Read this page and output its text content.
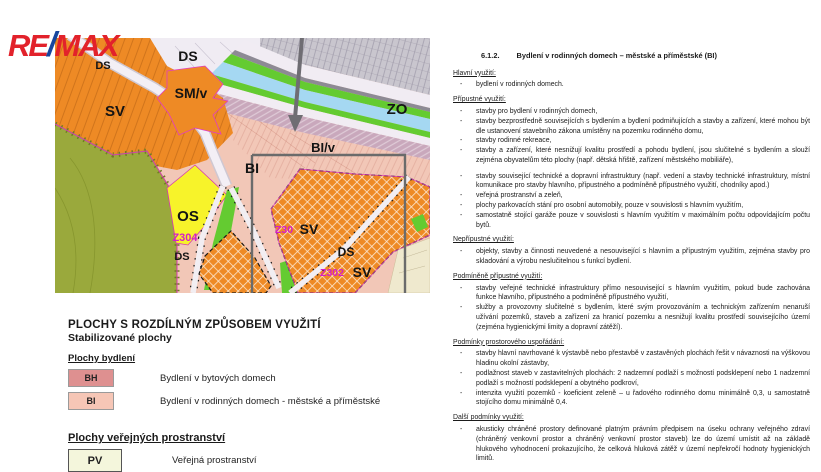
RE/MAX
DS
DS
SV
SM/v
ZO
BI/v
BI
OS
Z304
DS
Z30 SV
DS
Z302 SV
PLOCHY S ROZDÍLNÝM ZPŮSOBEM VYUŽITÍ
Stabilizované plochy
Plochy bydlení
BH	Bydlení v bytových domech
BI	Bydlení v rodinných domech - městské a příměstské
Plochy veřejných prostranství
PV	Veřejná prostranství
6.1.2. Bydlení v rodinných domech – městské a příměstské (BI)
Hlavní využití:
- bydlení v rodinných domech.
Přípustné využití:
- stavby pro bydlení v rodinných domech,
- stavby bezprostředně souvisejících s bydlením a bydlení podmiňujících a stavby a zařízení, které mohou být dle ustanovení stavebního zákona umístěny na pozemku rodinného domu,
- stavby rodinné rekreace,
- stavby a zařízení, které nesnižují kvalitu prostředí a pohodu bydlení, jsou slučitelné s bydlením a slouží zejména obyvatelům této plochy (např. dětská hřiště, zařízení městského mobiliáře),
- stavby související technické a dopravní infrastruktury (např. vedení a stavby technické infrastruktury, místní komunikace pro stavby hlavního, přípustného a podmíněně přípustného využití, chodníky apod.)
- veřejná prostranství a zeleň,
- plochy parkovacích stání pro osobní automobily, pouze v souvislosti s hlavním využitím,
- samostatně stojící garáže pouze v souvislosti s hlavním využitím v maximálním počtu odpovídajícím počtu bytů.
Nepřípustné využití:
- objekty, stavby a činnosti neuvedené a nesouvisející s hlavním a přípustným využitím, zejména stavby pro skladování a výrobu neslučitelnou s funkcí bydlení.
Podmíněně přípustné využití:
- stavby veřejné technické infrastruktury přímo nesouvisející s hlavním využitím, pokud bude zachována funkce hlavního, přípustného a podmíněně přípustného využití,
- služby a provozovny slučitelné s bydlením, které svým provozováním a technickým zařízením nenaruší užívání pozemků, staveb a zařízení za hranicí pozemku a nesnižují kvalitu prostředí souvisejícího území (zejména hygienickými limity a dopravní zátěží).
Podmínky prostorového uspořádání:
- stavby hlavní navrhované k výstavbě nebo přestavbě v zastavěných plochách řešit v návaznosti na výškovou hladinu okolní zástavby,
- podlažnost staveb v zastavitelných plochách: 2 nadzemní podlaží s možností podsklepení nebo 1 nadzemní podlaží s možností podsklepení a obytného podkroví,
- intenzita využití pozemků - koeficient zeleně – u řadového rodinného domu minimálně 0,3, u samostatně stojícího domu minimálně 0,4.
Další podmínky využití:
- akusticky chráněné prostory definované platným právním předpisem na úseku ochrany veřejného zdraví (chráněný venkovní prostor a chráněný venkovní prostor staveb) lze do území umístit až na základě hlukového vyhodnocení prokazujícího, že celková hluková zátěž v území nepřekročí hodnoty hygienických limitů.
